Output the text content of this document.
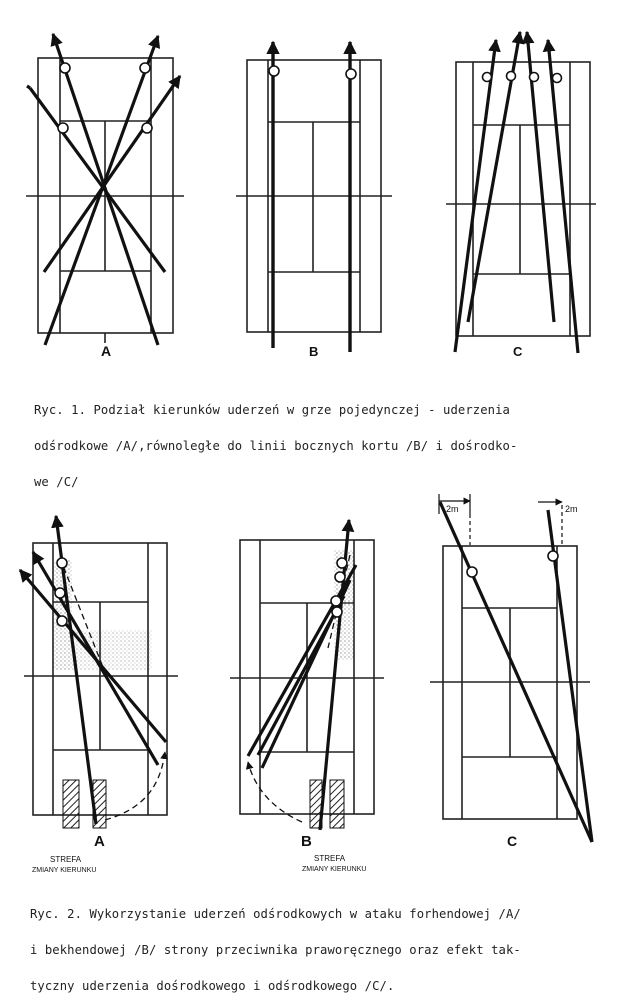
A	B	C
A	B	C
STREFA
ZMIANY KIERUNKU
STREFA
ZMIANY KIERUNKU
2m	2m

Ryc. 1. Podział kierunków uderzeń w grze pojedynczej - uderzenia

odśrodkowe /A/,równoległe do linii bocznych kortu /B/ i dośrodko-

we /C/

Ryc. 2. Wykorzystanie uderzeń odśrodkowych w ataku forhendowej /A/

i bekhendowej /B/ strony przeciwnika praworęcznego oraz efekt tak-

tyczny uderzenia dośrodkowego i odśrodkowego /C/.
